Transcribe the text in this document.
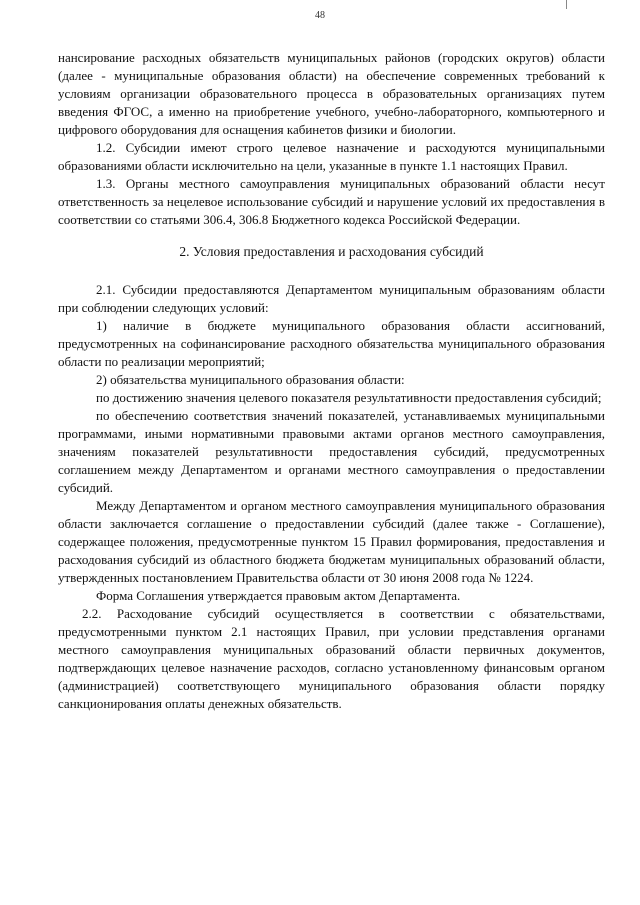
48

нансирование расходных обязательств муниципальных районов (городских округов) области (далее - муниципальные образования области) на обеспечение современных требований к условиям организации образовательного процесса в образовательных организациях путем введения ФГОС, а именно на приобретение учебного, учебно-лабораторного, компьютерного и цифрового оборудования для оснащения кабинетов физики и биологии.

1.2. Субсидии имеют строго целевое назначение и расходуются муниципальными образованиями области исключительно на цели, указанные в пункте 1.1 настоящих Правил.

1.3. Органы местного самоуправления муниципальных образований области несут ответственность за нецелевое использование субсидий и нарушение условий их предоставления в соответствии со статьями 306.4, 306.8 Бюджетного кодекса Российской Федерации.

2. Условия предоставления и расходования субсидий

2.1. Субсидии предоставляются Департаментом муниципальным образованиям области при соблюдении следующих условий:

1) наличие в бюджете муниципального образования области ассигнований, предусмотренных на софинансирование расходного обязательства муниципального образования области по реализации мероприятий;

2) обязательства муниципального образования области:

по достижению значения целевого показателя результативности предоставления субсидий;

по обеспечению соответствия значений показателей, устанавливаемых муниципальными программами, иными нормативными правовыми актами органов местного самоуправления, значениям показателей результативности предоставления субсидий, предусмотренных соглашением между Департаментом и органами местного самоуправления о предоставлении субсидий.

Между Департаментом и органом местного самоуправления муниципального образования области заключается соглашение о предоставлении субсидий (далее также - Соглашение), содержащее положения, предусмотренные пунктом 15 Правил формирования, предоставления и расходования субсидий из областного бюджета бюджетам муниципальных образований области, утвержденных постановлением Правительства области от 30 июня 2008 года № 1224.

Форма Соглашения утверждается правовым актом Департамента.

2.2. Расходование субсидий осуществляется в соответствии с обязательствами, предусмотренными пунктом 2.1 настоящих Правил, при условии представления органами местного самоуправления муниципальных образований области первичных документов, подтверждающих целевое назначение расходов, согласно установленному финансовым органом (администрацией) соответствующего муниципального образования области порядку санкционирования оплаты денежных обязательств.
